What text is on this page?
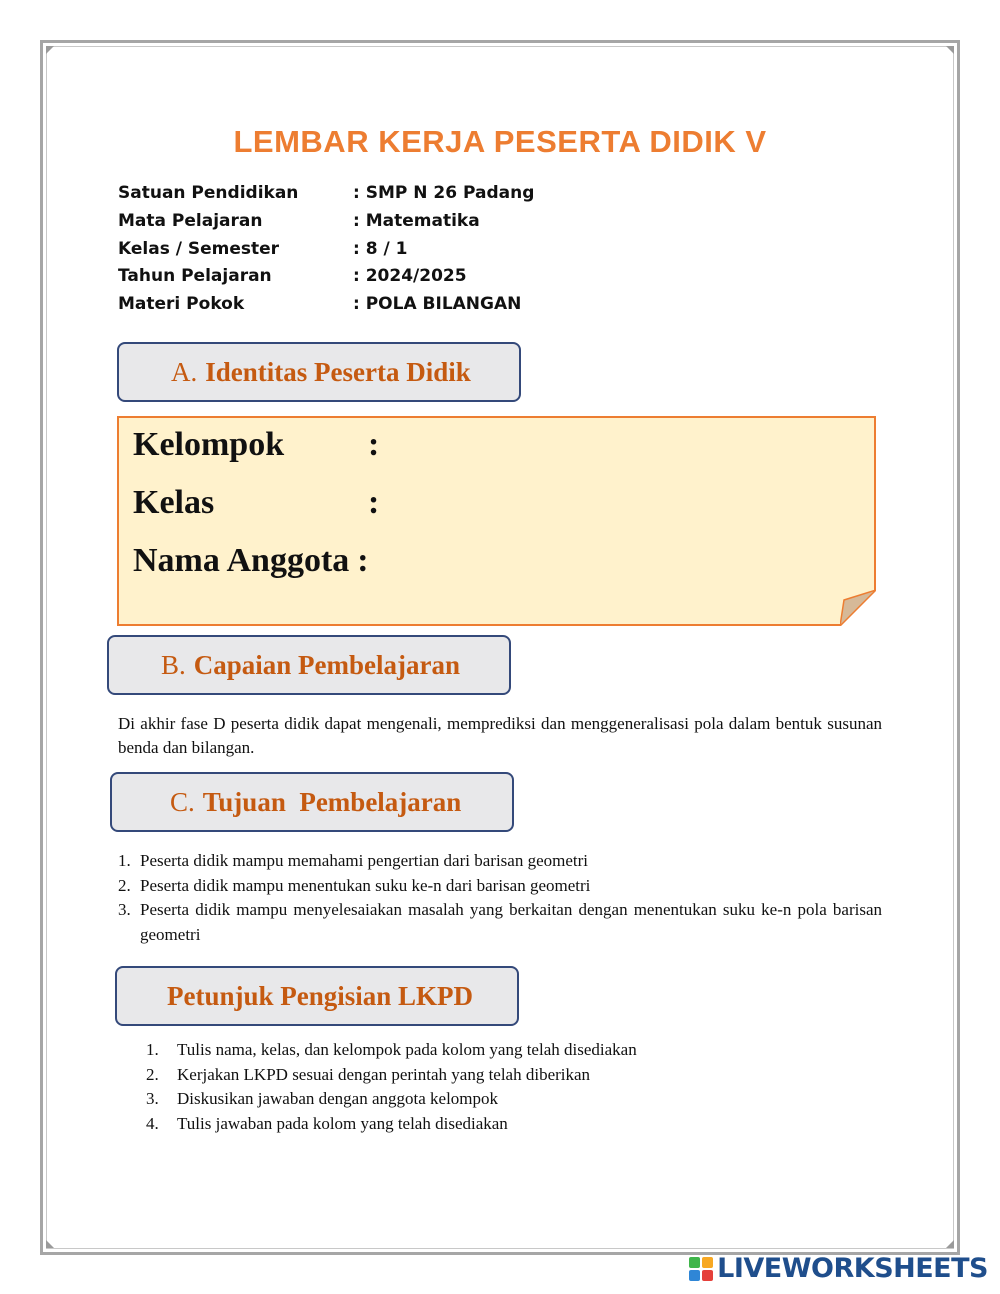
LEMBAR KERJA PESERTA DIDIK V
Satuan Pendidikan	: SMP N 26 Padang
Mata Pelajaran	: Matematika
Kelas / Semester	: 8 / 1
Tahun Pelajaran	: 2024/2025
Materi Pokok	: POLA BILANGAN
A. Identitas Peserta Didik
Kelompok	:
Kelas	:
Nama Anggota :
B. Capaian Pembelajaran
Di akhir fase D peserta didik dapat mengenali, memprediksi dan menggeneralisasi pola dalam bentuk susunan benda dan bilangan.
C. Tujuan  Pembelajaran
1. Peserta didik mampu memahami pengertian dari barisan geometri
2. Peserta didik mampu menentukan suku ke-n dari barisan geometri
3. Peserta didik mampu menyelesaiakan masalah yang berkaitan dengan menentukan suku ke-n pola barisan geometri
Petunjuk Pengisian LKPD
1.	Tulis nama, kelas, dan kelompok pada kolom yang telah disediakan
2.	Kerjakan LKPD sesuai dengan perintah yang telah diberikan
3.	Diskusikan jawaban dengan anggota kelompok
4.	Tulis jawaban pada kolom yang telah disediakan
LIVEWORKSHEETS
